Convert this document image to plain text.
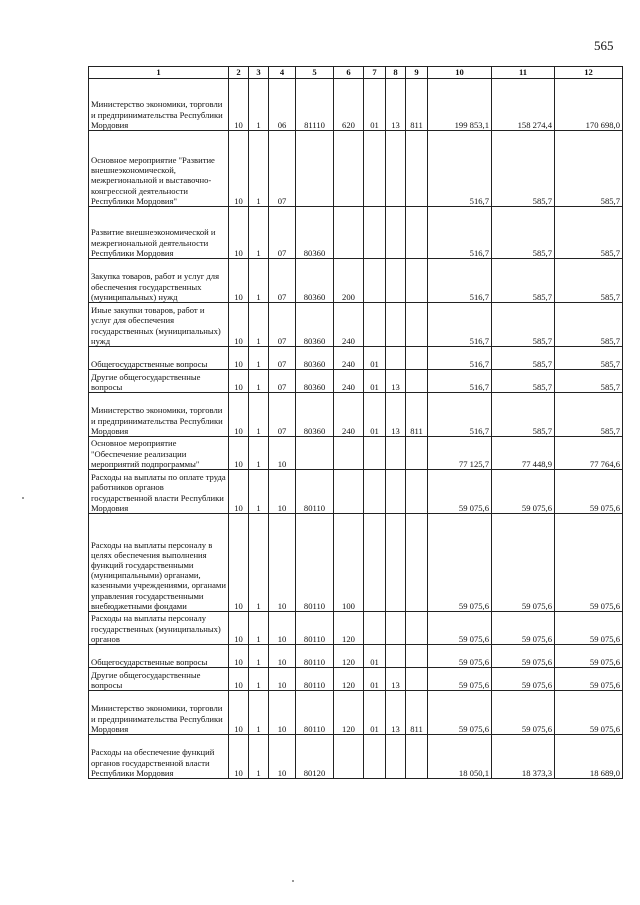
565
1	2	3	4	5	6	7	8	9	10	11	12
Министерство экономики, торговли и предпринимательства Республики Мордовия	10	1	06	81110	620	01	13	811	199 853,1	158 274,4	170 698,0
Основное мероприятие "Развитие внешнеэкономической, межрегиональной и выставочно-конгрессной деятельности Республики Мордовия"	10	1	07						516,7	585,7	585,7
Развитие внешнеэкономической и межрегиональной деятельности Республики Мордовия	10	1	07	80360					516,7	585,7	585,7
Закупка товаров, работ и услуг для обеспечения государственных (муниципальных) нужд	10	1	07	80360	200				516,7	585,7	585,7
Иные закупки товаров, работ и услуг для обеспечения государственных (муниципальных) нужд	10	1	07	80360	240				516,7	585,7	585,7
Общегосударственные вопросы	10	1	07	80360	240	01			516,7	585,7	585,7
Другие общегосударственные вопросы	10	1	07	80360	240	01	13		516,7	585,7	585,7
Министерство экономики, торговли и предпринимательства Республики Мордовия	10	1	07	80360	240	01	13	811	516,7	585,7	585,7
Основное мероприятие "Обеспечение реализации мероприятий подпрограммы"	10	1	10						77 125,7	77 448,9	77 764,6
Расходы на выплаты по оплате труда работников органов государственной власти Республики Мордовия	10	1	10	80110					59 075,6	59 075,6	59 075,6
Расходы на выплаты персоналу в целях обеспечения выполнения функций государственными (муниципальными) органами, казенными учреждениями, органами управления государственными внебюджетными фондами	10	1	10	80110	100				59 075,6	59 075,6	59 075,6
Расходы на выплаты персоналу государственных (муниципальных) органов	10	1	10	80110	120				59 075,6	59 075,6	59 075,6
Общегосударственные вопросы	10	1	10	80110	120	01			59 075,6	59 075,6	59 075,6
Другие общегосударственные вопросы	10	1	10	80110	120	01	13		59 075,6	59 075,6	59 075,6
Министерство экономики, торговли и предпринимательства Республики Мордовия	10	1	10	80110	120	01	13	811	59 075,6	59 075,6	59 075,6
Расходы на обеспечение функций органов государственной власти Республики Мордовия	10	1	10	80120					18 050,1	18 373,3	18 689,0
